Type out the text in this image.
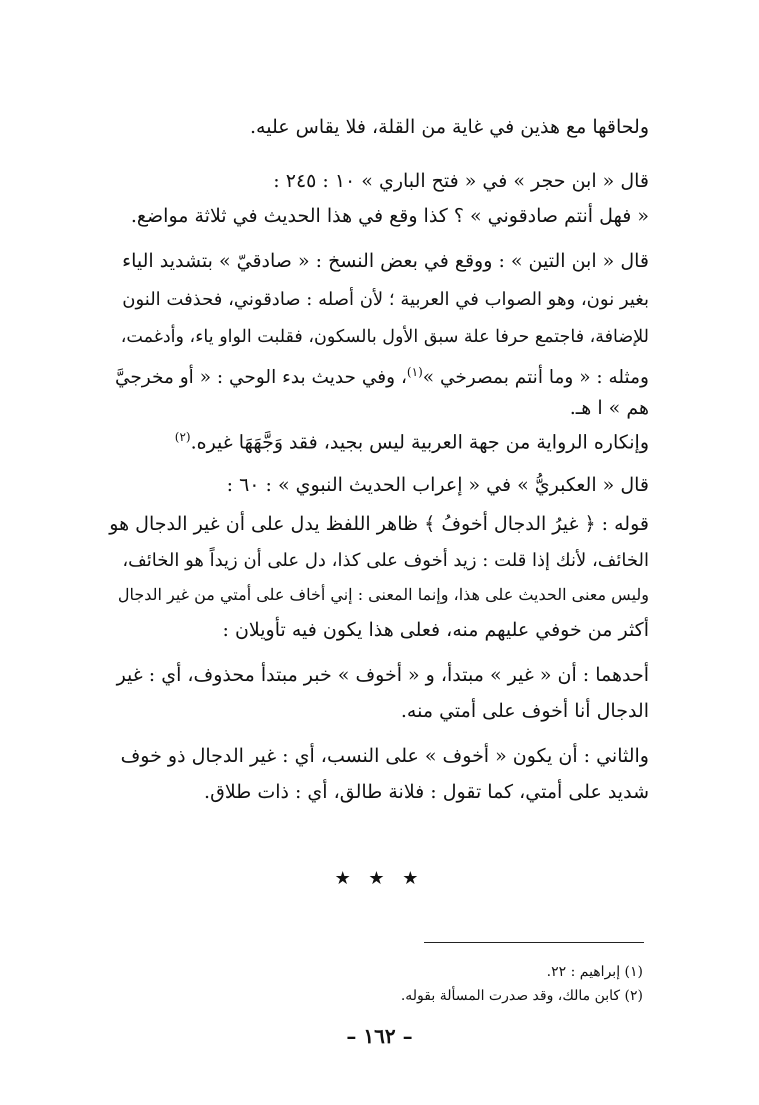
ولحاقها مع هذين في غاية من القلة، فلا يقاس عليه.

قال « ابن حجر » في « فتح الباري » ١٠ : ٢٤٥ :

« فهل أنتم صادقوني » ؟ كذا وقع في هذا الحديث في ثلاثة مواضع.

قال « ابن التين » : ووقع في بعض النسخ : « صادقيّ » بتشديد الياء

بغير نون، وهو الصواب في العربية ؛ لأن أصله : صادقوني، فحذفت النون

للإضافة، فاجتمع حرفا علة سبق الأول بالسكون، فقلبت الواو ياء، وأدغمت،

ومثله : « وما أنتم بمصرخي »$^{(١)}$، وفي حديث بدء الوحي : « أو مخرجيَّ

هم » ا هـ.

وإنكاره الرواية من جهة العربية ليس بجيد، فقد وَجَّهَهَا غيره.$^{(٢)}$

قال « العكبريُّ » في « إعراب الحديث النبوي » : ٦٠ :

قوله : ﴿ غيرُ الدجال أخوفُ ﴾ ظاهر اللفظ يدل على أن غير الدجال هو

الخائف، لأنك إذا قلت : زيد أخوف على كذا، دل على أن زيداً هو الخائف،

وليس معنى الحديث على هذا، وإنما المعنى : إني أخاف على أمتي من غير الدجال

أكثر من خوفي عليهم منه، فعلى هذا يكون فيه تأويلان :

أحدهما : أن « غير » مبتدأ، و « أخوف » خبر مبتدأ محذوف، أي : غير

الدجال أنا أخوف على أمتي منه.

والثاني : أن يكون « أخوف » على النسب، أي : غير الدجال ذو خوف

شديد على أمتي، كما تقول : فلانة طالق، أي : ذات طلاق.

★ ★ ★
(١) إبراهيم : ٢٢.
(٢) كابن مالك، وقد صدرت المسألة بقوله.
– ١٦٢ –
